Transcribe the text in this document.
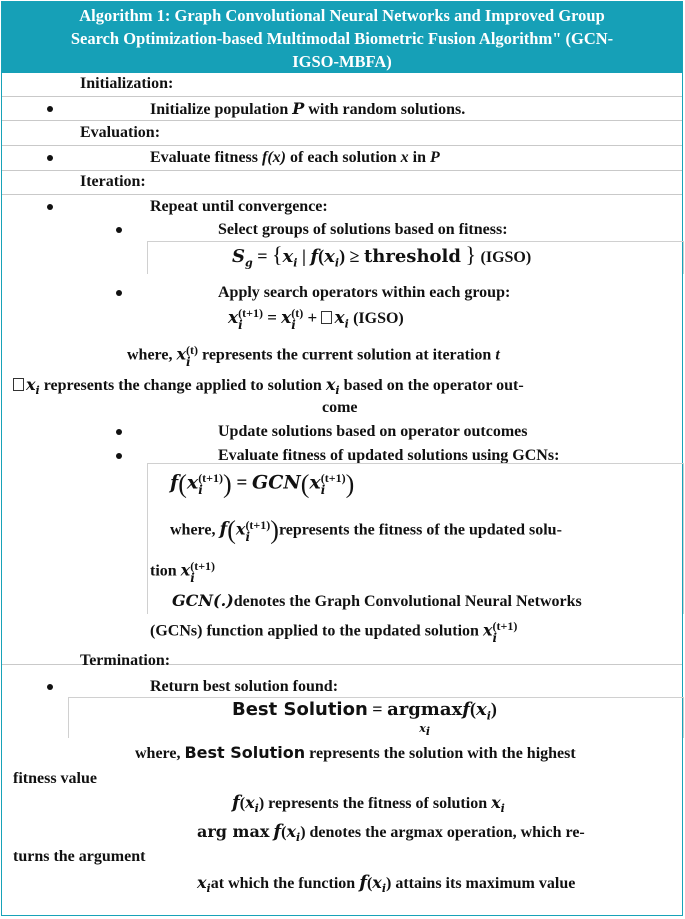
Algorithm 1: Graph Convolutional Neural Networks and Improved Group
Search Optimization-based Multimodal Biometric Fusion Algorithm" (GCN-
IGSO-MBFA)
Initialization:
Initialize population P with random solutions.
Evaluation:
Evaluate fitness f(x) of each solution x in P
Iteration:
Repeat until convergence:
Select groups of solutions based on fitness:
$S_g = \{x_i$ | $f(x_i)$ ≥ threshold } (IGSO)
Apply search operators within each group:
x (t+1)
i	= x (t)
$i + x_i$ (IGSO)
where, x (t)
i represents the current solution at iteration t
$x_i$ represents the change applied to solution $x_i$ based on the operator out-
come
Update solutions based on operator outcomes
Evaluate fitness of updated solutions using GCNs:
f(x (t+1)
i ) = GCN(x (t+1)
i )
where, f(x (t+1)
i )represents the fitness of the updated solu-
tion x (t+1)
i
GCN(.)denotes the Graph Convolutional Neural Networks
(GCNs) function applied to the updated solution x (t+1)
i
Termination:
Return best solution found:
Best Solution = argmax
$x_i$
$f(x_i)$
where, Best Solution represents the solution with the highest
fitness value
$f(x_i)$ represents the fitness of solution $x_i$
arg $\max f(x_i)$ denotes the argmax operation, which re-
turns the argument
$x_iat$ which the function $f(x_i)$ attains its maximum value
